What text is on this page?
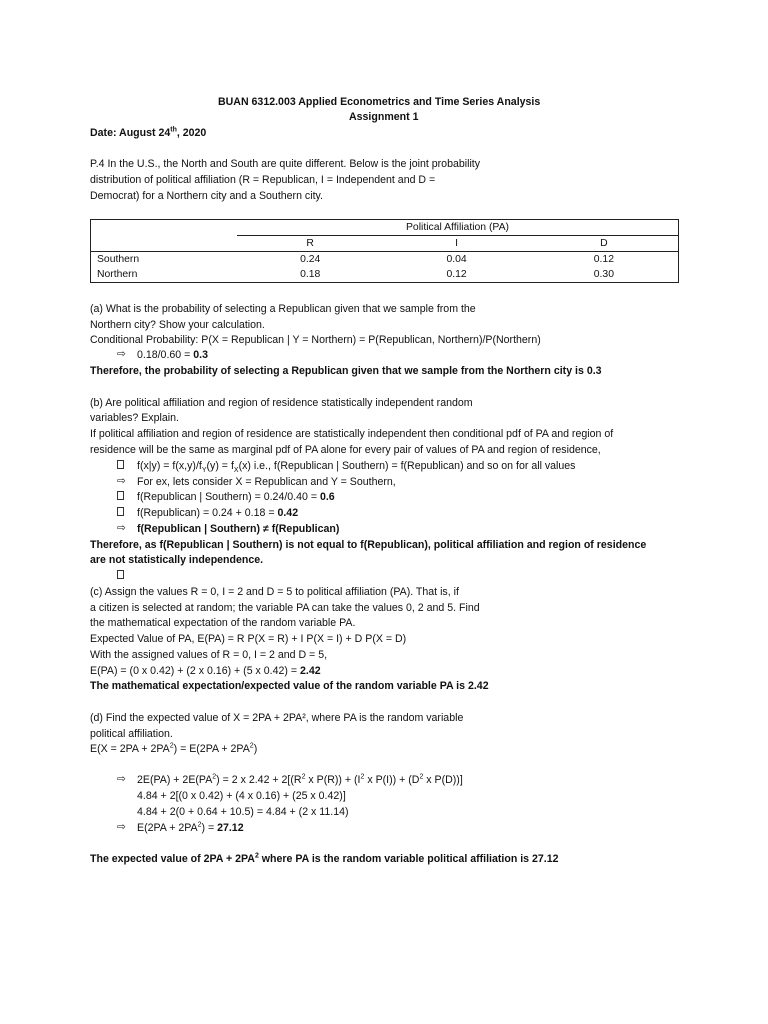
BUAN 6312.003 Applied Econometrics and Time Series Analysis
Assignment 1
Date: August 24th, 2020
P.4 In the U.S., the North and South are quite different. Below is the joint probability
distribution of political affiliation (R = Republican, I = Independent and D =
Democrat) for a Northern city and a Southern city.
	Political Affiliation (PA)		
	R	I	D
Southern	0.24	0.04	0.12
Northern	0.18	0.12	0.30
(a) What is the probability of selecting a Republican given that we sample from the
Northern city? Show your calculation.
Conditional Probability: P(X = Republican | Y = Northern) = P(Republican, Northern)/P(Northern)
⇨	0.18/0.60 = 0.3
Therefore, the probability of selecting a Republican given that we sample from the Northern city is 0.3
(b) Are political affiliation and region of residence statistically independent random
variables? Explain.
If political affiliation and region of residence are statistically independent then conditional pdf of PA and region of
residence will be the same as marginal pdf of PA alone for every pair of values of PA and region of residence,
$f(x|y) = f(x,y)/f_Y(y) = f_X(x)$ i.e., f(Republican | Southern) = f(Republican) and so on for all values
⇨	For ex, lets consider X = Republican and Y = Southern,
f(Republican | Southern) = 0.24/0.40 = 0.6
f(Republican) = 0.24 + 0.18 = 0.42
⇨	f(Republican | Southern) ≠ f(Republican)
Therefore, as f(Republican | Southern) is not equal to f(Republican), political affiliation and region of residence
are not statistically independence.
(c) Assign the values R = 0, I = 2 and D = 5 to political affiliation (PA). That is, if
a citizen is selected at random; the variable PA can take the values 0, 2 and 5. Find
the mathematical expectation of the random variable PA.
Expected Value of PA, E(PA) = R P(X = R) + I P(X = I) + D P(X = D)
With the assigned values of R = 0, I = 2 and D = 5,
E(PA) = (0 x 0.42) + (2 x 0.16) + (5 x 0.42) = 2.42
The mathematical expectation/expected value of the random variable PA is 2.42
(d) Find the expected value of X = 2PA + 2PA², where PA is the random variable
political affiliation.
$E(X = 2PA + 2PA^2) = E(2PA + 2PA^2)$
⇨	$2E(PA) + 2E(PA^2) = 2$ x $2.42 + 2[(R^2$ x $P(R)) + (I^2$ x $P(I)) + (D^2$ x P(D))]
4.84 + 2[(0 x 0.42) + (4 x 0.16) + (25 x 0.42)]
4.84 + 2(0 + 0.64 + 10.5) = 4.84 + (2 x 11.14)
⇨	$E(2PA + 2PA^2) = 27.12$
The expected value of $2PA + 2PA^2$ where PA is the random variable political affiliation is 27.12
